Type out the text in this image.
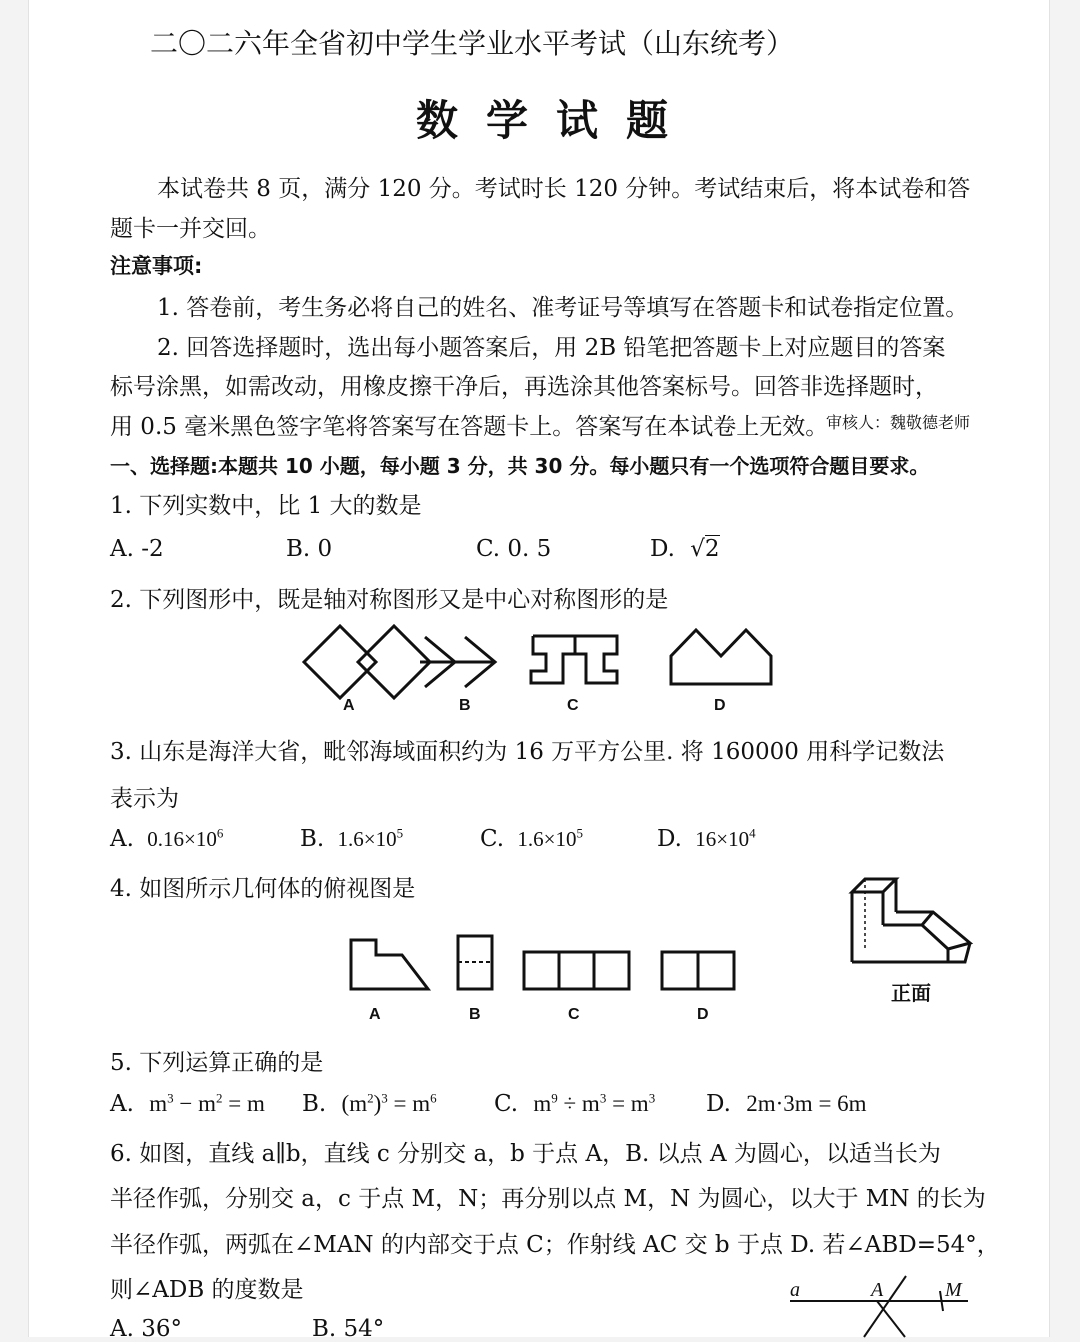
二〇二六年全省初中学生学业水平考试（山东统考）
数学试题
本试卷共 8 页，满分 120 分。考试时长 120 分钟。考试结束后，将本试卷和答
题卡一并交回。
注意事项:
1. 答卷前，考生务必将自己的姓名、准考证号等填写在答题卡和试卷指定位置。
2. 回答选择题时，选出每小题答案后，用 2B 铅笔把答题卡上对应题目的答案
标号涂黑，如需改动，用橡皮擦干净后，再选涂其他答案标号。回答非选择题时，
用 0.5 毫米黑色签字笔将答案写在答题卡上。答案写在本试卷上无效。
审核人：魏敬德老师
一、选择题:本题共 10 小题，每小题 3 分，共 30 分。每小题只有一个选项符合题目要求。
1. 下列实数中，比 1 大的数是
A. -2	B. 0	C. 0. 5	D. √2
2. 下列图形中，既是轴对称图形又是中心对称图形的是
A	B	C	D
3. 山东是海洋大省，毗邻海域面积约为 16 万平方公里. 将 160000 用科学记数法
表示为
A. $0.16\times 10^6$	B. $1.6\times 10^5$	C. $1.6\times 10^5$	D. $16\times 10^4$
4. 如图所示几何体的俯视图是
A	B	C	D
正面
5. 下列运算正确的是
A. $m^3 - m^2 = m$ B. $(m^2)^3 = m^6$ C. $m^9 \div m^3 = m^3$ D. 2m·3m = 6m
6. 如图，直线 a∥b，直线 c 分别交 a，b 于点 A，B. 以点 A 为圆心，以适当长为
半径作弧，分别交 a，c 于点 M，N；再分别以点 M，N 为圆心，以大于 MN 的长为
半径作弧，两弧在∠MAN 的内部交于点 C；作射线 AC 交 b 于点 D. 若∠ABD=54°，
则∠ADB 的度数是
A. 36°	B. 54°
a	A	M
